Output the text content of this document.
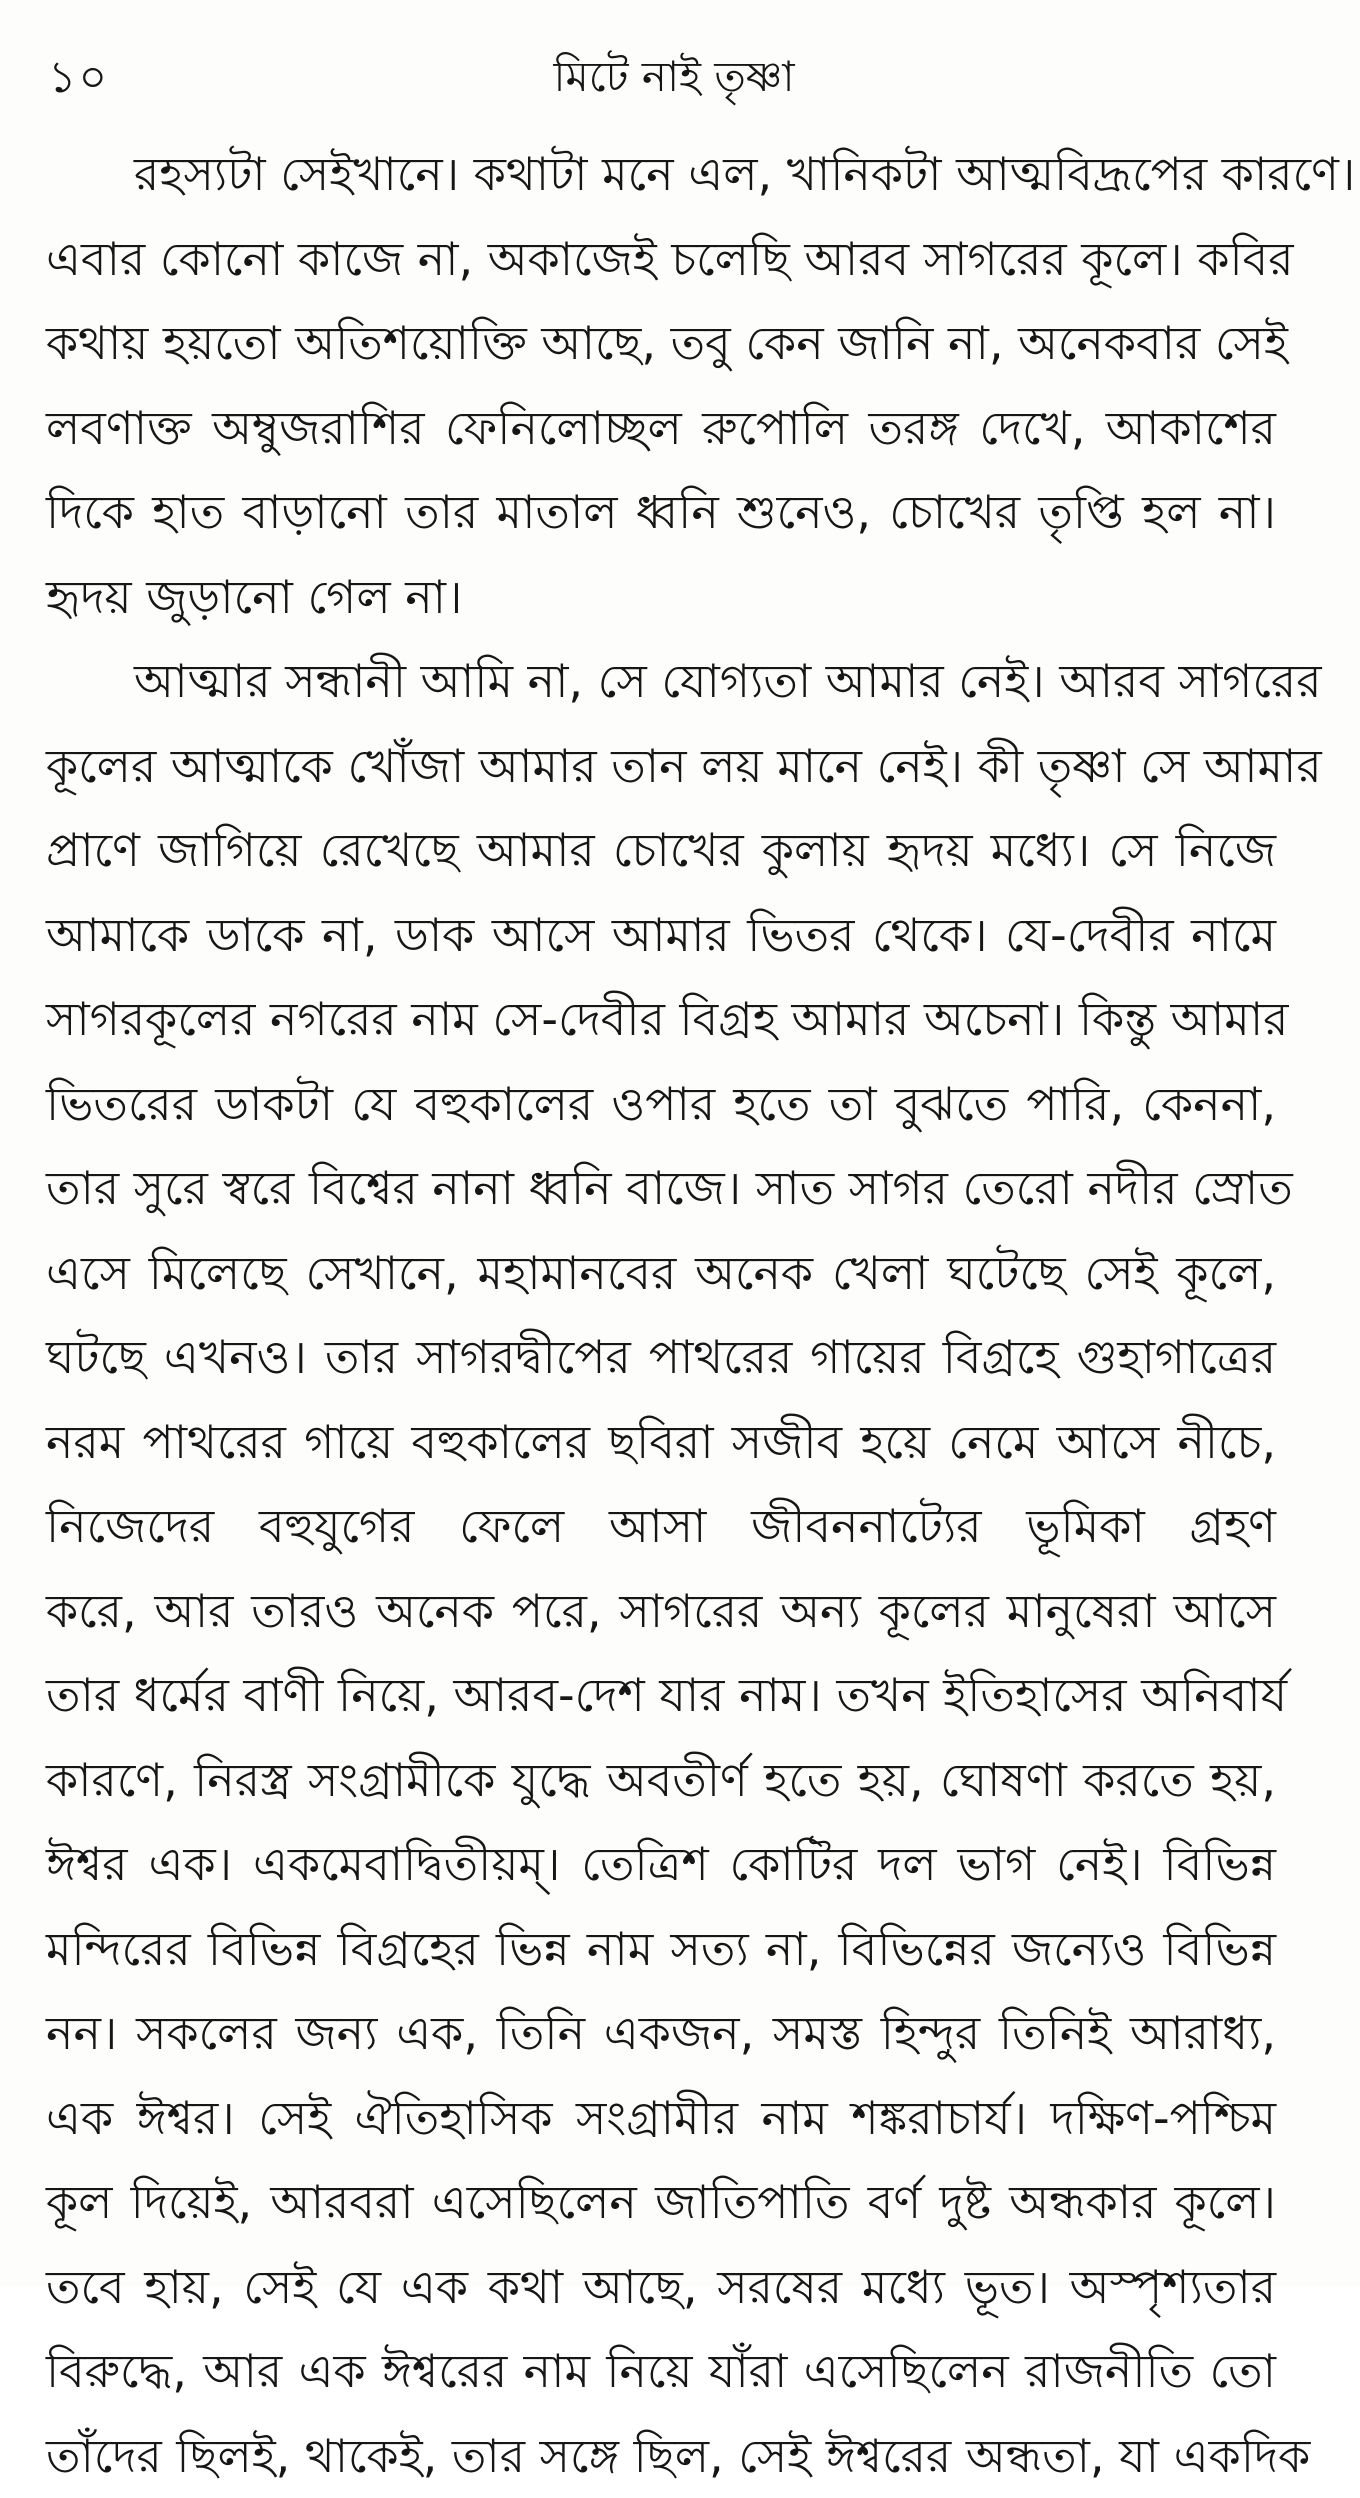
১০	মিটে নাই তৃষ্ণা
রহস্যটা সেইখানে। কথাটা মনে এল, খানিকটা আত্মবিদ্রূপের কারণে।
এবার কোনো কাজে না, অকাজেই চলেছি আরব সাগরের কূলে। কবির
কথায় হয়তো অতিশয়োক্তি আছে, তবু কেন জানি না, অনেকবার সেই
লবণাক্ত অম্বুজরাশির ফেনিলোচ্ছল রুপোলি তরঙ্গ দেখে, আকাশের
দিকে হাত বাড়ানো তার মাতাল ধ্বনি শুনেও, চোখের তৃপ্তি হল না।
হৃদয় জুড়ানো গেল না।
আত্মার সন্ধানী আমি না, সে যোগ্যতা আমার নেই। আরব সাগরের
কূলের আত্মাকে খোঁজা আমার তান লয় মানে নেই। কী তৃষ্ণা সে আমার
প্রাণে জাগিয়ে রেখেছে আমার চোখের কুলায় হৃদয় মধ্যে। সে নিজে
আমাকে ডাকে না, ডাক আসে আমার ভিতর থেকে। যে-দেবীর নামে
সাগরকূলের নগরের নাম সে-দেবীর বিগ্রহ আমার অচেনা। কিন্তু আমার
ভিতরের ডাকটা যে বহুকালের ওপার হতে তা বুঝতে পারি, কেননা,
তার সুরে স্বরে বিশ্বের নানা ধ্বনি বাজে। সাত সাগর তেরো নদীর স্রোত
এসে মিলেছে সেখানে, মহামানবের অনেক খেলা ঘটেছে সেই কূলে,
ঘটছে এখনও। তার সাগরদ্বীপের পাথরের গায়ের বিগ্রহে গুহাগাত্রের
নরম পাথরের গায়ে বহুকালের ছবিরা সজীব হয়ে নেমে আসে নীচে,
নিজেদের বহুযুগের ফেলে আসা জীবননাট্যের ভূমিকা গ্রহণ
করে, আর তারও অনেক পরে, সাগরের অন্য কূলের মানুষেরা আসে
তার ধর্মের বাণী নিয়ে, আরব-দেশ যার নাম। তখন ইতিহাসের অনিবার্য
কারণে, নিরস্ত্র সংগ্রামীকে যুদ্ধে অবতীর্ণ হতে হয়, ঘোষণা করতে হয়,
ঈশ্বর এক। একমেবাদ্বিতীয়ম্। তেত্রিশ কোটির দল ভাগ নেই। বিভিন্ন
মন্দিরের বিভিন্ন বিগ্রহের ভিন্ন নাম সত্য না, বিভিন্নের জন্যেও বিভিন্ন
নন। সকলের জন্য এক, তিনি একজন, সমস্ত হিন্দুর তিনিই আরাধ্য,
এক ঈশ্বর। সেই ঐতিহাসিক সংগ্রামীর নাম শঙ্করাচার্য। দক্ষিণ-পশ্চিম
কূল দিয়েই, আরবরা এসেছিলেন জাতিপাতি বর্ণ দুষ্ট অন্ধকার কূলে।
তবে হায়, সেই যে এক কথা আছে, সরষের মধ্যে ভূত। অস্পৃশ্যতার
বিরুদ্ধে, আর এক ঈশ্বরের নাম নিয়ে যাঁরা এসেছিলেন রাজনীতি তো
তাঁদের ছিলই, থাকেই, তার সঙ্গে ছিল, সেই ঈশ্বরের অন্ধতা, যা একদিক
